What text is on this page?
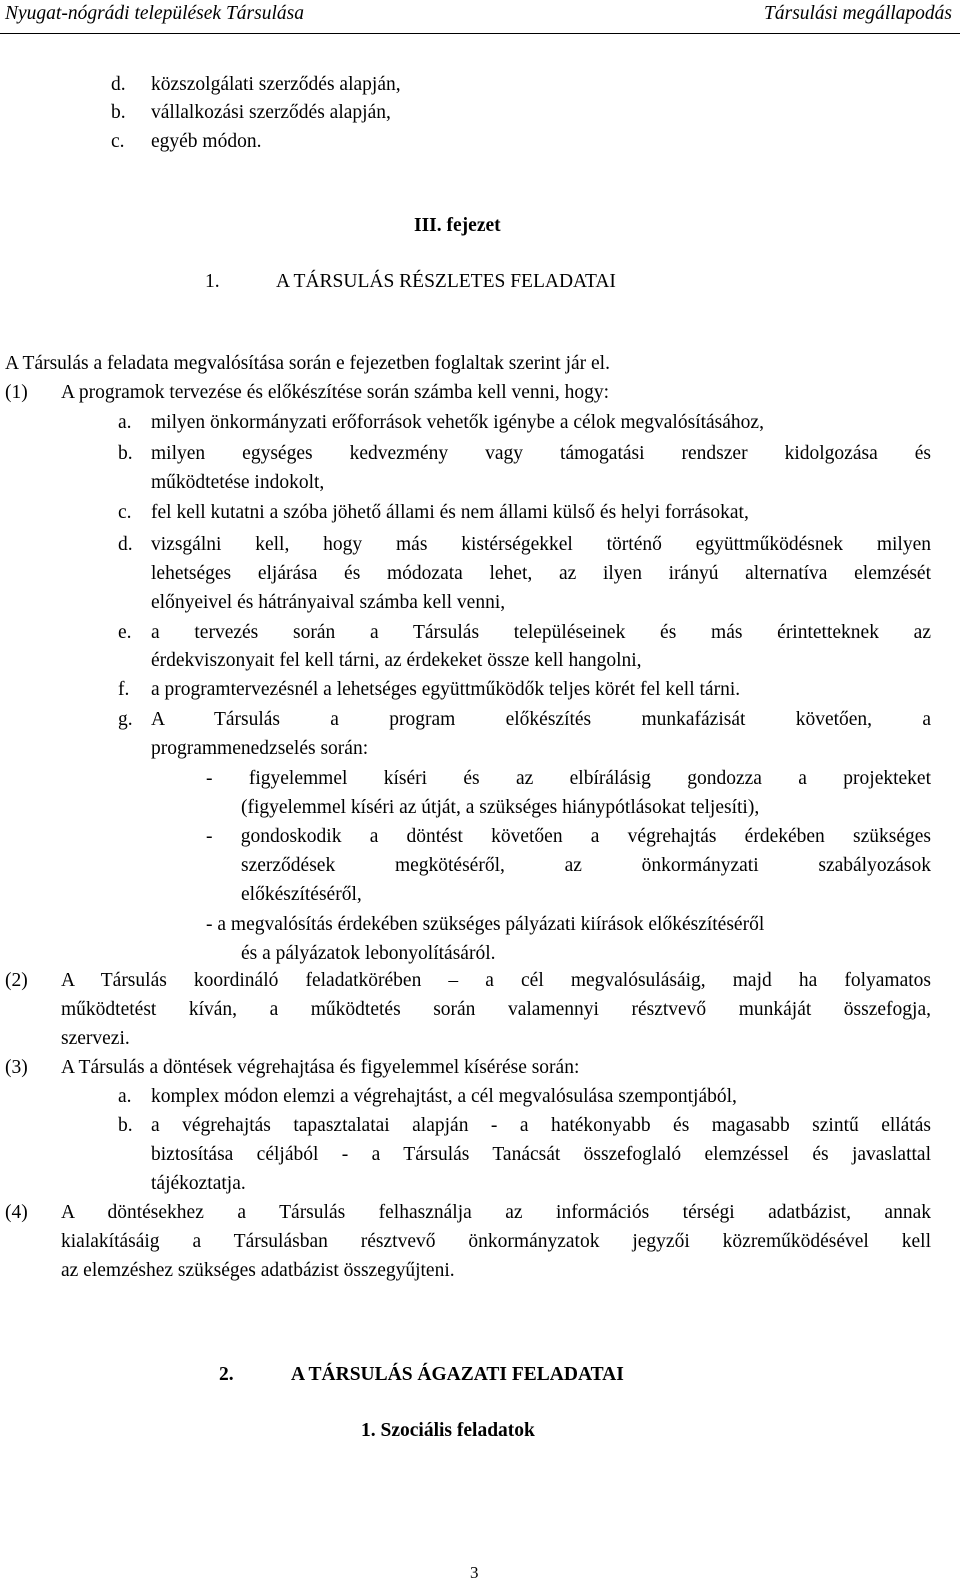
Nyugat-nógrádi települések Társulása	Társulási megállapodás
d. közszolgálati szerződés alapján,
b. vállalkozási szerződés alapján,
c. egyéb módon.
III. fejezet
1.	A TÁRSULÁS RÉSZLETES FELADATAI
A Társulás a feladata megvalósítása során e fejezetben foglaltak szerint jár el.
(1) A programok tervezése és előkészítése során számba kell venni, hogy:
a. milyen önkormányzati erőforrások vehetők igénybe a célok megvalósításához,
b. milyen egységes kedvezmény vagy támogatási rendszer kidolgozása és
működtetése indokolt,
c. fel kell kutatni a szóba jöhető állami és nem állami külső és helyi forrásokat,
d. vizsgálni kell, hogy más kistérségekkel történő együttműködésnek milyen
lehetséges eljárása és módozata lehet, az ilyen irányú alternatíva elemzését
előnyeivel és hátrányaival számba kell venni,
e. a tervezés során a Társulás településeinek és más érintetteknek az
érdekviszonyait fel kell tárni, az érdekeket össze kell hangolni,
f. a programtervezésnél a lehetséges együttműködők teljes körét fel kell tárni.
g. A Társulás a program előkészítés munkafázisát követően, a
programmenedzselés során:
- figyelemmel kíséri és az elbírálásig gondozza a projekteket
(figyelemmel kíséri az útját, a szükséges hiánypótlásokat teljesíti),
- gondoskodik a döntést követően a végrehajtás érdekében szükséges
szerződések megkötéséről, az önkormányzati szabályozások
előkészítéséről,
- a megvalósítás érdekében szükséges pályázati kiírások előkészítéséről
és a pályázatok lebonyolításáról.
(2) A Társulás koordináló feladatkörében – a cél megvalósulásáig, majd ha folyamatos
működtetést kíván, a működtetés során valamennyi résztvevő munkáját összefogja,
szervezi.
(3) A Társulás a döntések végrehajtása és figyelemmel kísérése során:
a. komplex módon elemzi a végrehajtást, a cél megvalósulása szempontjából,
b. a végrehajtás tapasztalatai alapján - a hatékonyabb és magasabb szintű ellátás
biztosítása céljából - a Társulás Tanácsát összefoglaló elemzéssel és javaslattal
tájékoztatja.
(4) A döntésekhez a Társulás felhasználja az információs térségi adatbázist, annak
kialakításáig a Társulásban résztvevő önkormányzatok jegyzői közreműködésével kell
az elemzéshez szükséges adatbázist összegyűjteni.
2.	A TÁRSULÁS ÁGAZATI FELADATAI
1. Szociális feladatok
3
